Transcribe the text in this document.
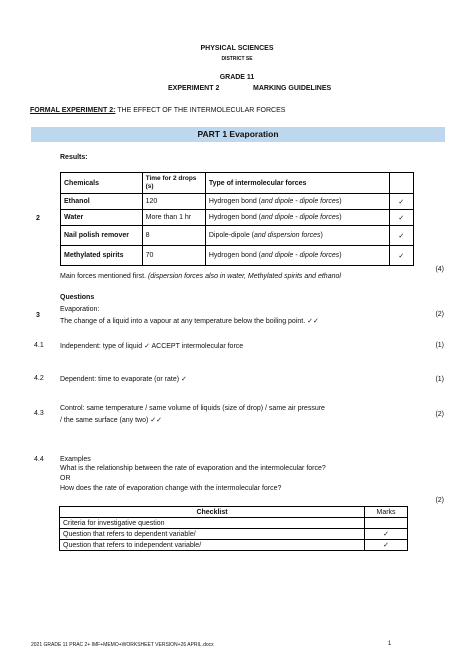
PHYSICAL SCIENCES
DISTRICT SE
GRADE 11
EXPERIMENT 2	MARKING GUIDELINES
FORMAL EXPERIMENT 2: THE EFFECT OF THE INTERMOLECULAR FORCES
PART 1 Evaporation
Results:
2
Chemicals	Time for 2 drops (s)	Type of intermolecular forces	
Ethanol	120	Hydrogen bond (and dipole - dipole forces)	✓
Water	More than 1 hr	Hydrogen bond (and dipole - dipole forces)	✓
Nail polish remover	8	Dipole-dipole (and dispersion forces)	✓
Methylated spirits	70	Hydrogen bond (and dipole - dipole forces)	✓
(4)
Main forces mentioned first. (dispersion forces also in water, Methylated spirits and ethanol
Questions
3
Evaporation:
The change of a liquid into a vapour at any temperature below the boiling point. ✓✓
(2)
4.1 Independent: type of liquid ✓ ACCEPT intermolecular force	(1)
4.2 Dependent: time to evaporate (or rate) ✓	(1)
4.3
Control: same temperature / same volume of liquids (size of drop) / same air pressure
/ the same surface (any two) ✓✓
(2)
4.4 Examples
What is the relationship between the rate of evaporation and the intermolecular force?
OR
How does the rate of evaporation change with the intermolecular force?
(2)
Checklist	Marks
Criteria for investigative question	
Question that refers to dependent variable/	✓
Question that refers to independent variable/	✓
2021 GRADE 11 PRAC 2+ IMF+MEMO+WORKSHEET VERSION+26 APRIL.docx	1
